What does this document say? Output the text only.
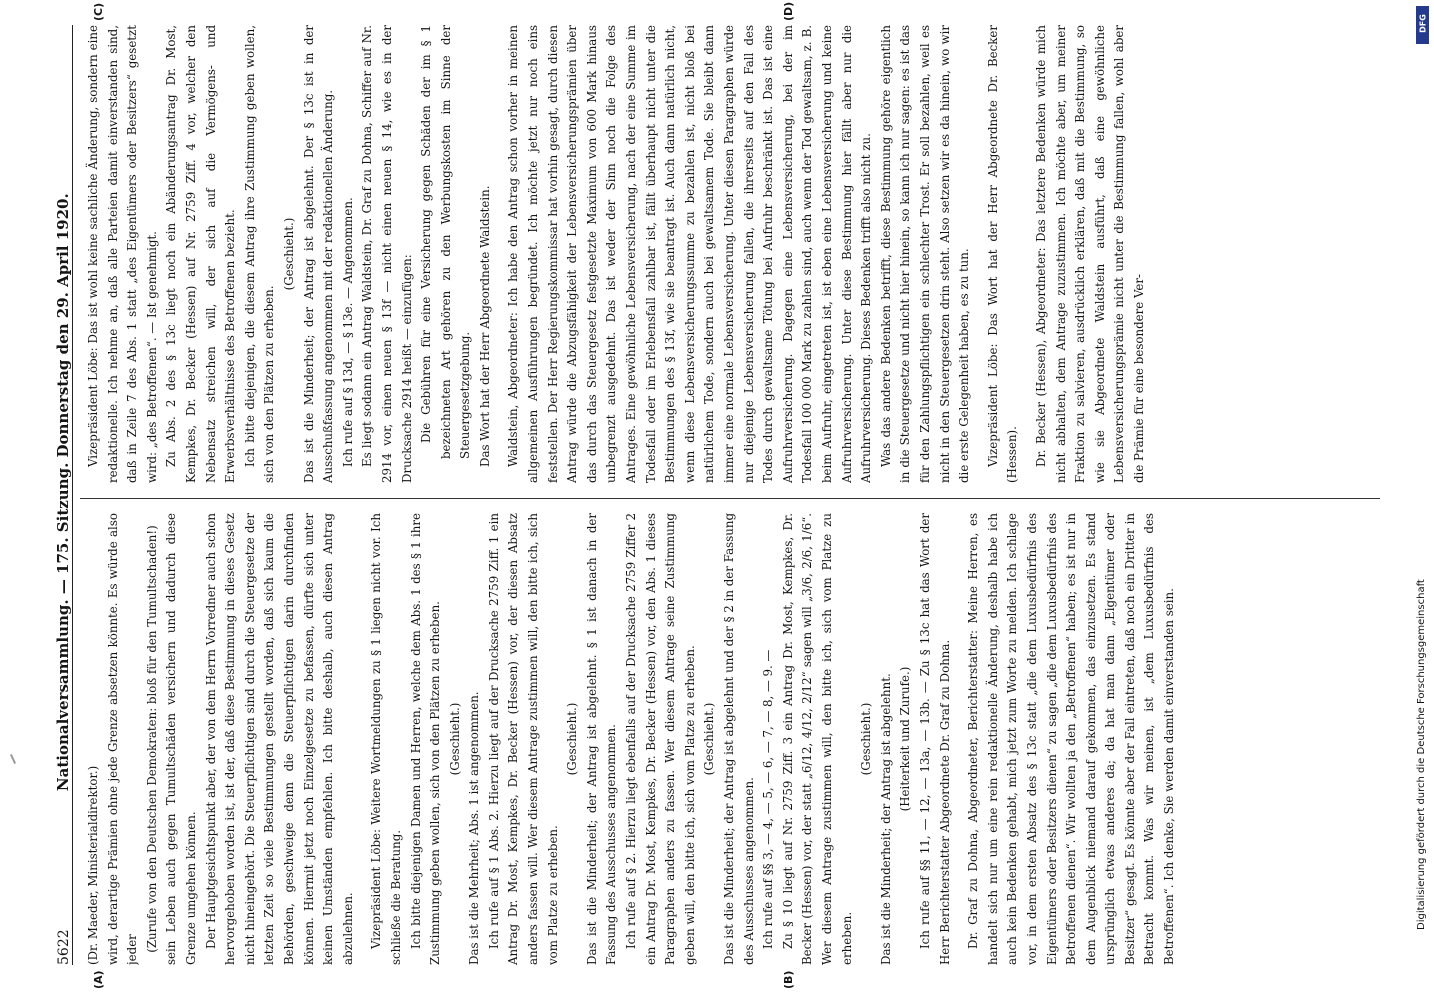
5622
Nationalversammlung. — 175. Sitzung. Donnerstag den 29. April 1920.
(A)	(B)
(C)	(D)

(Dr. Maeder, Ministerialdirektor.) wird, derartige Prämien ohne jede Grenze absetzen könnte. Es würde also jeder (Zurufe von den Deutschen Demokraten: bloß für den Tumultschaden!) sein Leben auch gegen Tumultschäden versichern und dadurch diese Grenze umgehen können. Der Hauptgesichtspunkt aber, der von dem Herrn Vorredner auch schon hervorgehoben worden ist, ist der, daß diese Bestimmung in dieses Gesetz nicht hineingehört. Die Steuerpflichtigen sind durch die Steuergesetze der letzten Zeit so viele Bestimmungen gestellt worden, daß sich kaum die Behörden, geschweige denn die Steuerpflichtigen darin durchfinden können. Hiermit jetzt noch Einzelgesetze zu befassen, dürfte sich unter keinen Umständen empfehlen. Ich bitte deshalb, auch diesen Antrag abzulehnen.	Vizepräsident Löbe: Weitere Wortmeldungen zu § 1 liegen nicht vor. Ich schließe die Beratung. Ich bitte diejenigen Damen und Herren, welche dem Abs. 1 des § 1 ihre Zustimmung geben wollen, sich von den Plätzen zu erheben. (Geschieht.) Das ist die Mehrheit; Abs. 1 ist angenommen. Ich rufe auf § 1 Abs. 2. Hierzu liegt auf der Drucksache 2759 Ziff. 1 ein Antrag Dr. Most, Kempkes, Dr. Becker (Hessen) vor, der diesen Absatz anders fassen will. Wer diesem Antrage zustimmen will, den bitte ich, sich vom Platze zu erheben.

(Geschieht.) Das ist die Minderheit; der Antrag ist abgelehnt. § 1 ist danach in der Fassung des Ausschusses angenommen. Ich rufe auf § 2. Hierzu liegt ebenfalls auf der Drucksache 2759 Ziffer 2 ein Antrag Dr. Most, Kempkes, Dr. Becker (Hessen) vor, den Abs. 1 dieses Paragraphen anders zu fassen. Wer diesem Antrage seine Zustimmung geben will, den bitte ich, sich vom Platze zu erheben. (Geschieht.) Das ist die Minderheit; der Antrag ist abgelehnt und der § 2 in der Fassung des Ausschusses angenommen. Ich rufe auf §§ 3, — 4, — 5, — 6, — 7, — 8, — 9. — Zu § 10 liegt auf Nr. 2759 Ziff. 3 ein Antrag Dr. Most, Kempkes, Dr. Becker (Hessen) vor, der statt „6/12, 4/12, 2/12“ sagen will „3/6, 2/6, 1/6“. Wer diesem Antrage zustimmen will, den bitte ich, sich vom Platze zu erheben.

(Geschieht.) Das ist die Minderheit; der Antrag ist abgelehnt. (Heiterkeit und Zurufe.) Ich rufe auf §§ 11, — 12, — 13a, — 13b. — Zu § 13c hat das Wort der Herr Berichterstatter Abgeordnete Dr. Graf zu Dohna.	Dr. Graf zu Dohna, Abgeordneter, Berichterstatter: Meine Herren, es handelt sich nur um eine rein redaktionelle Änderung, deshalb habe ich auch kein Bedenken gehabt, mich jetzt zum Worte zu melden. Ich schlage vor, in dem ersten Absatz des § 13c statt „die dem Luxusbedürfnis des Eigentümers oder Besitzers dienen“ zu sagen „die dem Luxusbedürfnis des Betroffenen dienen“. Wir wollten ja den „Betroffenen“ haben; es ist nur in dem Augenblick niemand darauf gekommen, das einzusetzen. Es stand ursprünglich etwas anderes da; da hat man dann „Eigentümer oder Besitzer“ gesagt. Es könnte aber der Fall eintreten, daß noch ein Dritter in Betracht kommt. Was wir meinen, ist „dem Luxusbedürfnis des Betroffenen“. Ich denke, Sie werden damit einverstanden sein.

Vizepräsident Löbe: Das ist wohl keine sachliche Änderung, sondern eine redaktionelle. Ich nehme an, daß alle Parteien damit einverstanden sind, daß in Zeile 7 des Abs. 1 statt „des Eigentümers oder Besitzers“ gesetzt wird: „des Betroffenen“. — Ist genehmigt. Zu Abs. 2 des § 13c liegt noch ein Abänderungsantrag Dr. Most, Kempkes, Dr. Becker (Hessen) auf Nr. 2759 Ziff. 4 vor, welcher den Nebensatz streichen will, der sich auf die Vermögens- und Erwerbsverhältnisse des Betroffenen bezieht. Ich bitte diejenigen, die diesem Antrag ihre Zustimmung geben wollen, sich von den Plätzen zu erheben.

(Geschieht.) Das ist die Minderheit; der Antrag ist abgelehnt. Der § 13c ist in der Ausschußfassung angenommen mit der redaktionellen Änderung. Ich rufe auf § 13d, — § 13e. — Angenommen. Es liegt sodann ein Antrag Waldstein, Dr. Graf zu Dohna, Schiffer auf Nr. 2914 vor, einen neuen § 13f — nicht einen neuen § 14, wie es in der Drucksache 2914 heißt — einzufügen: Die Gebühren für eine Versicherung gegen Schäden der im § 1 bezeichneten Art gehören zu den Werbungskosten im Sinne der Steuergesetzgebung. Das Wort hat der Herr Abgeordnete Waldstein.	Waldstein, Abgeordneter: Ich habe den Antrag schon vorher in meinen allgemeinen Ausführungen begründet. Ich möchte jetzt nur noch eins feststellen. Der Herr Regierungskommissar hat vorhin gesagt, durch diesen Antrag würde die Abzugsfähigkeit der Lebensversicherungsprämien über das durch das Steuergesetz festgesetzte Maximum von 600 Mark hinaus unbegrenzt ausgedehnt. Das ist weder der Sinn noch die Folge des Antrages. Eine gewöhnliche Lebensversicherung, nach der eine Summe im Todesfall oder im Erlebensfall zahlbar ist, fällt überhaupt nicht unter die Bestimmungen des § 13f, wie sie beantragt ist. Auch dann natürlich nicht, wenn diese Lebensversicherungssumme zu bezahlen ist, nicht bloß bei natürlichem Tode, sondern auch bei gewaltsamem Tode. Sie bleibt dann immer eine normale Lebensversicherung. Unter diesen Paragraphen würde nur diejenige Lebensversicherung fallen, die ihrerseits auf den Fall des Todes durch gewaltsame Tötung bei Aufruhr beschränkt ist. Das ist eine Aufruhrversicherung. Dagegen eine Lebensversicherung, bei der im Todesfall 100 000 Mark zu zahlen sind, auch wenn der Tod gewaltsam, z. B. beim Aufruhr, eingetreten ist, ist eben eine Lebensversicherung und keine Aufruhrversicherung. Unter diese Bestimmung hier fällt aber nur die Aufruhrversicherung. Dieses Bedenken trifft also nicht zu. Was das andere Bedenken betrifft, diese Bestimmung gehöre eigentlich in die Steuergesetze und nicht hier hinein, so kann ich nur sagen: es ist das für den Zahlungspflichtigen ein schlechter Trost. Er soll bezahlen, weil es nicht in den Steuergesetzen drin steht. Also setzen wir es da hinein, wo wir die erste Gelegenheit haben, es zu tun.	Vizepräsident Löbe: Das Wort hat der Herr Abgeordnete Dr. Becker (Hessen).	Dr. Becker (Hessen), Abgeordneter: Das letztere Bedenken würde mich nicht abhalten, dem Antrage zuzustimmen. Ich möchte aber, um meiner Fraktion zu salvieren, ausdrücklich erklären, daß mit die Bestimmung, so wie sie Abgeordnete Waldstein ausführt, daß eine gewöhnliche Lebensversicherungsprämie nicht unter die Bestimmung fallen, wohl aber die Prämie für eine besondere Ver-

Digitalisierung gefördert durch die Deutsche Forschungsgemeinschaft
DFG
